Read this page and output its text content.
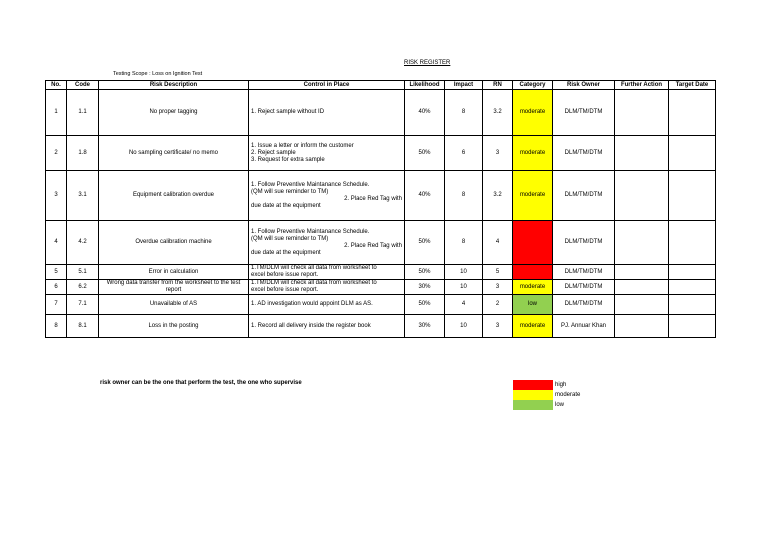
RISK REGISTER
Testing Scope : Loss on Ignition Test
No.	Code	Risk Description	Control in Place	Likelihood	Impact	RN	Category	Risk Owner	Further Action	Target Date
1	1.1	No proper tagging	1. Reject sample without ID	40%	8	3.2	moderate	DLM/TM/DTM		
2	1.8	No sampling certificate/ no memo	1. Issue a letter or inform the customer
2. Reject sample
3. Request for extra sample	50%	6	3	moderate	DLM/TM/DTM		
3	3.1	Equipment calibration overdue	1. Follow Preventive Maintanance Schedule.
(QM will sue reminder to TM)
2. Place Red Tag with
due date at the equipment	40%	8	3.2	moderate	DLM/TM/DTM		
4	4.2	Overdue calibration machine	1. Follow Preventive Maintanance Schedule.
(QM will sue reminder to TM)
2. Place Red Tag with
due date at the equipment	50%	8	4	high	DLM/TM/DTM		
5	5.1	Error in calculation	1.TM/DLM will check all data from worksheet to
excel before issue report.	50%	10	5	high	DLM/TM/DTM		
6	6.2	Wrong data transfer from the worksheet to the test report	1.TM/DLM will check all data from worksheet to
excel before issue report.	30%	10	3	moderate	DLM/TM/DTM		
7	7.1	Unavailable of AS	1. AD investigation would appoint DLM as AS.	50%	4	2	low	DLM/TM/DTM		
8	8.1	Loss in the posting	1. Record all delivery inside the register book	30%	10	3	moderate	PJ. Annuar Khan		
risk owner can be the one that perform the test, the one who supervise	high
moderate
low
